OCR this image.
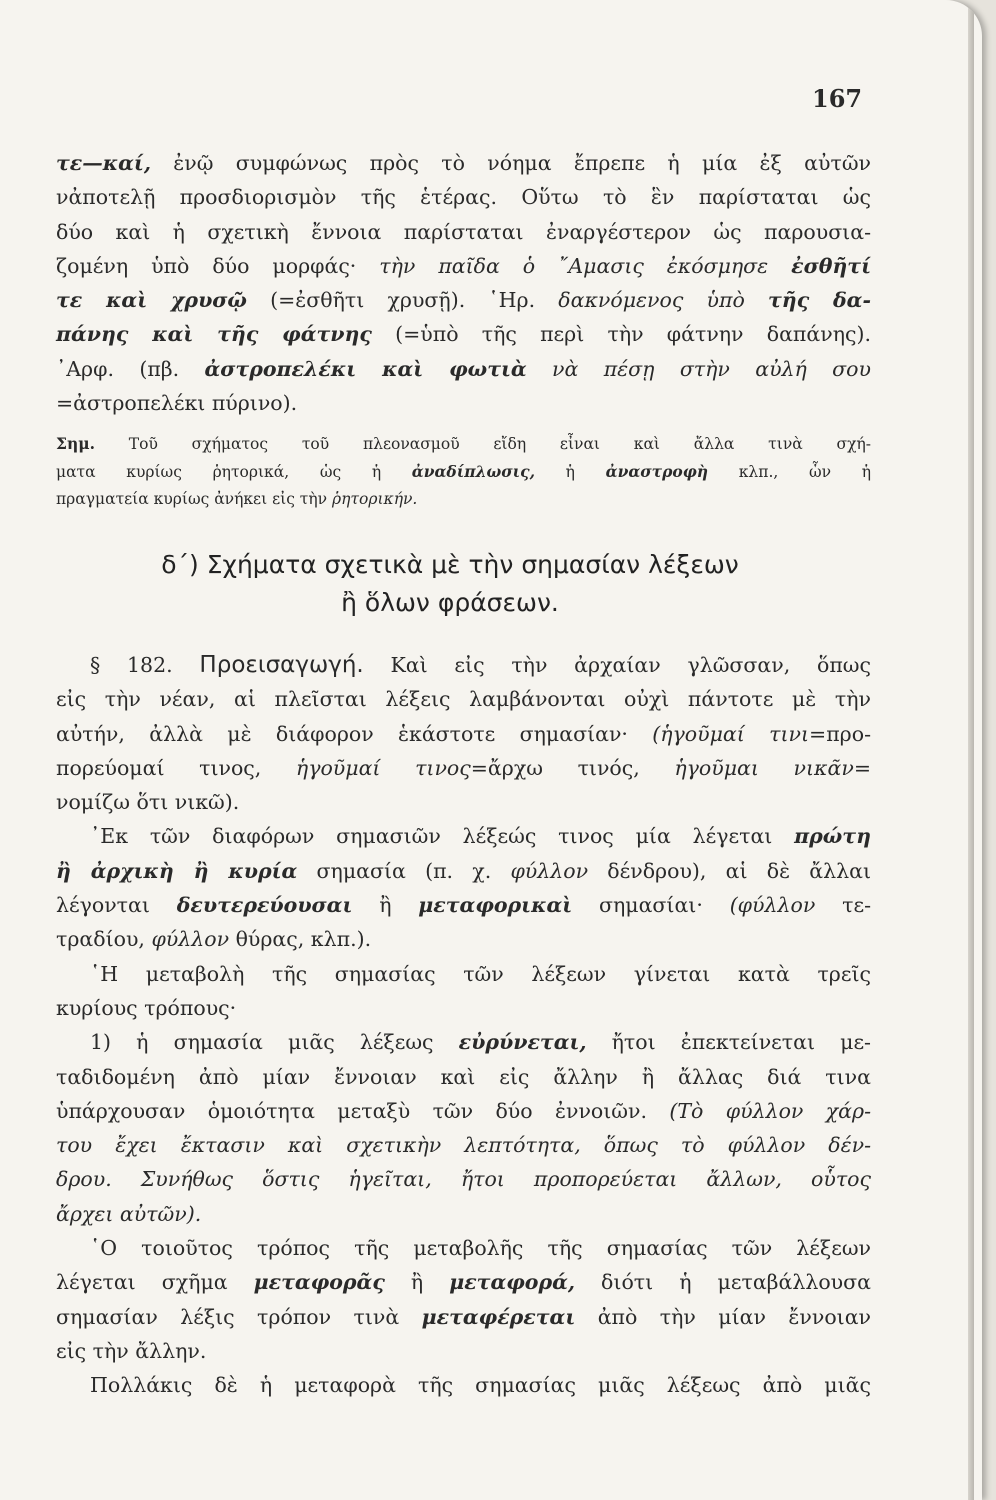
167
τε—καί, ἐνῷ συμφώνως πρὸς τὸ νόημα ἔπρεπε ἡ μία ἐξ αὐτῶν
νἀποτελῇ προσδιορισμὸν τῆς ἑτέρας. Οὕτω τὸ ἓν παρίσταται ὡς
δύο καὶ ἡ σχετικὴ ἔννοια παρίσταται ἐναργέστερον ὡς παρουσια-
ζομένη ὑπὸ δύο μορφάς· τὴν παῖδα ὁ ῎Αμασις ἐκόσμησε ἐσθῆτί
τε καὶ χρυσῷ (=ἐσθῆτι χρυσῇ). ῾Ηρ. δακνόμενος ὑπὸ τῆς δα-
πάνης καὶ τῆς φάτνης (=ὑπὸ τῆς περὶ τὴν φάτνην δαπάνης).
᾿Αρφ. (πβ. ἀστροπελέκι καὶ φωτιὰ νὰ πέσῃ στὴν αὐλή σου
=ἀστροπελέκι πύρινο).
Σημ. Τοῦ σχήματος τοῦ πλεονασμοῦ εἴδη εἶναι καὶ ἄλλα τινὰ σχή-
ματα κυρίως ῥητορικά, ὡς ἡ ἀναδίπλωσις, ἡ ἀναστροφὴ κλπ., ὧν ἡ
πραγματεία κυρίως ἀνήκει εἰς τὴν ῥητορικήν.
δ΄) Σχήματα σχετικὰ μὲ τὴν σημασίαν λέξεων
ἢ ὅλων φράσεων.
§ 182. Προεισαγωγή. Καὶ εἰς τὴν ἀρχαίαν γλῶσσαν, ὅπως
εἰς τὴν νέαν, αἱ πλεῖσται λέξεις λαμβάνονται οὐχὶ πάντοτε μὲ τὴν
αὐτήν, ἀλλὰ μὲ διάφορον ἑκάστοτε σημασίαν· (ἡγοῦμαί τινι=προ-
πορεύομαί τινος, ἡγοῦμαί τινος=ἄρχω τινός, ἡγοῦμαι νικᾶν=
νομίζω ὅτι νικῶ).
᾿Εκ τῶν διαφόρων σημασιῶν λέξεώς τινος μία λέγεται πρώτη
ἢ ἀρχικὴ ἢ κυρία σημασία (π. χ. φύλλον δένδρου), αἱ δὲ ἄλλαι
λέγονται δευτερεύουσαι ἢ μεταφορικαὶ σημασίαι· (φύλλον τε-
τραδίου, φύλλον θύρας, κλπ.).
῾Η μεταβολὴ τῆς σημασίας τῶν λέξεων γίνεται κατὰ τρεῖς
κυρίους τρόπους·
1) ἡ σημασία μιᾶς λέξεως εὐρύνεται, ἤτοι ἐπεκτείνεται με-
ταδιδομένη ἀπὸ μίαν ἔννοιαν καὶ εἰς ἄλλην ἢ ἄλλας διά τινα
ὑπάρχουσαν ὁμοιότητα μεταξὺ τῶν δύο ἐννοιῶν. (Τὸ φύλλον χάρ-
του ἔχει ἔκτασιν καὶ σχετικὴν λεπτότητα, ὅπως τὸ φύλλον δέν-
δρου. Συνήθως ὅστις ἡγεῖται, ἤτοι προπορεύεται ἄλλων, οὗτος
ἄρχει αὐτῶν).
῾Ο τοιοῦτος τρόπος τῆς μεταβολῆς τῆς σημασίας τῶν λέξεων
λέγεται σχῆμα μεταφορᾶς ἢ μεταφορά, διότι ἡ μεταβάλλουσα
σημασίαν λέξις τρόπον τινὰ μεταφέρεται ἀπὸ τὴν μίαν ἔννοιαν
εἰς τὴν ἄλλην.
Πολλάκις δὲ ἡ μεταφορὰ τῆς σημασίας μιᾶς λέξεως ἀπὸ μιᾶς
